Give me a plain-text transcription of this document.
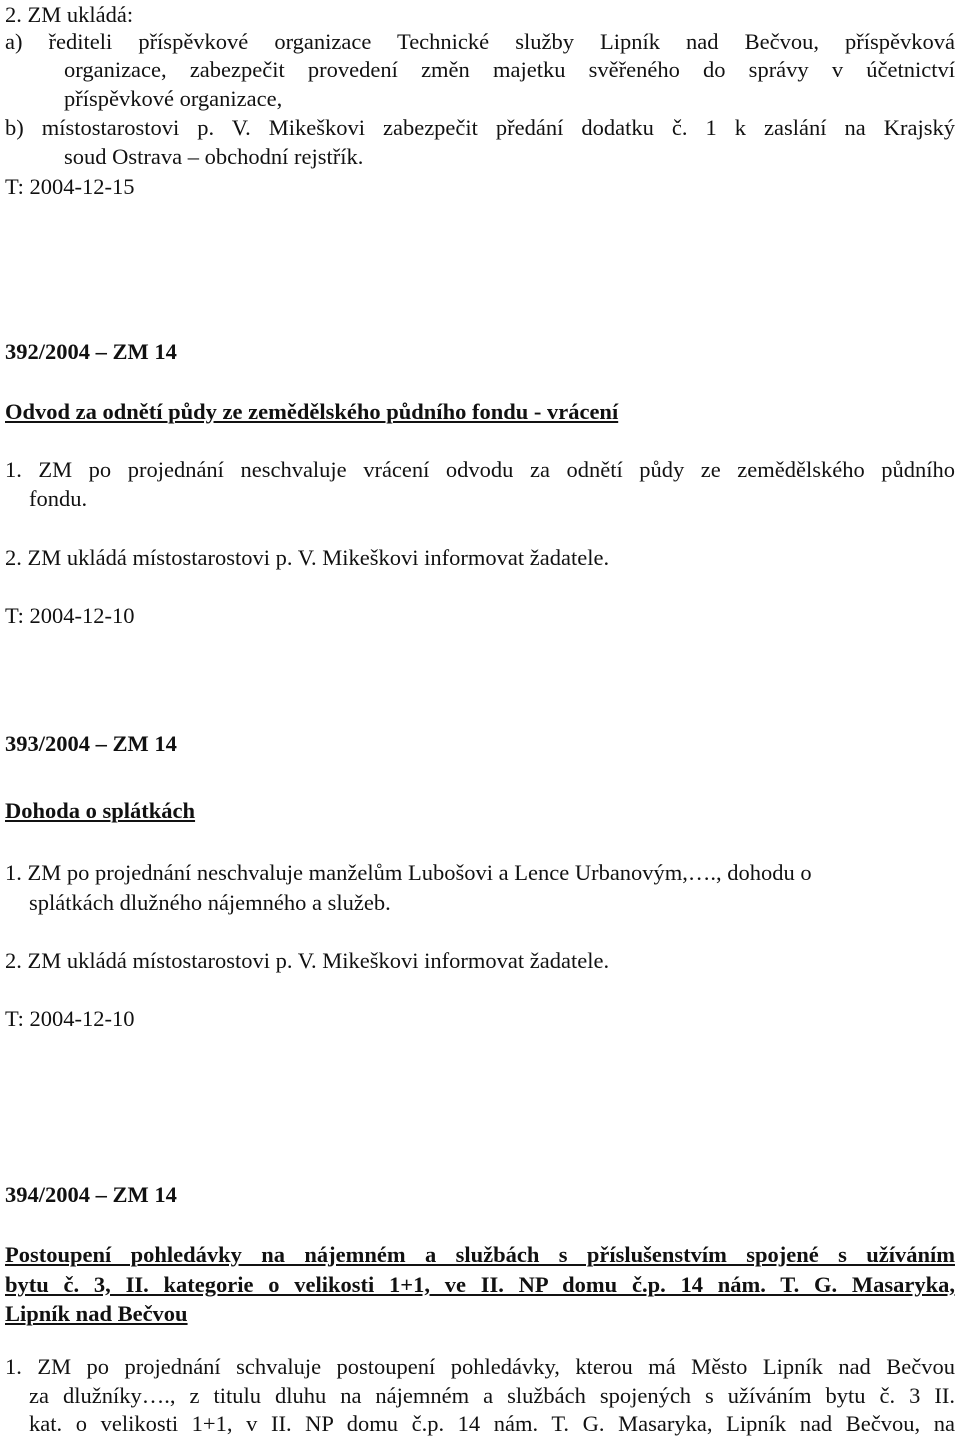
2. ZM ukládá:
a) řediteli příspěvkové organizace Technické služby Lipník nad Bečvou, příspěvková
organizace, zabezpečit provedení změn majetku svěřeného do správy v účetnictví
příspěvkové organizace,
b) místostarostovi p. V. Mikeškovi zabezpečit předání dodatku č. 1 k zaslání na Krajský
soud Ostrava – obchodní rejstřík.
T: 2004-12-15
392/2004 – ZM 14
Odvod za odnětí půdy ze zemědělského půdního fondu - vrácení
1. ZM po projednání neschvaluje vrácení odvodu za odnětí půdy ze zemědělského půdního
fondu.
2. ZM ukládá místostarostovi p. V. Mikeškovi informovat žadatele.
T: 2004-12-10
393/2004 – ZM 14
Dohoda o splátkách
1. ZM po projednání neschvaluje manželům Lubošovi a Lence Urbanovým,…., dohodu o
splátkách dlužného nájemného a služeb.
2. ZM ukládá místostarostovi p. V. Mikeškovi informovat žadatele.
T: 2004-12-10
394/2004 – ZM 14
Postoupení pohledávky na nájemném a službách s příslušenstvím spojené s užíváním
bytu č. 3, II. kategorie o velikosti 1+1, ve II. NP domu č.p. 14 nám. T. G. Masaryka,
Lipník nad Bečvou
1. ZM po projednání schvaluje postoupení pohledávky, kterou má Město Lipník nad Bečvou
za dlužníky…., z titulu dluhu na nájemném a službách spojených s užíváním bytu č. 3 II.
kat. o velikosti 1+1, v II. NP domu č.p. 14 nám. T. G. Masaryka, Lipník nad Bečvou, na
